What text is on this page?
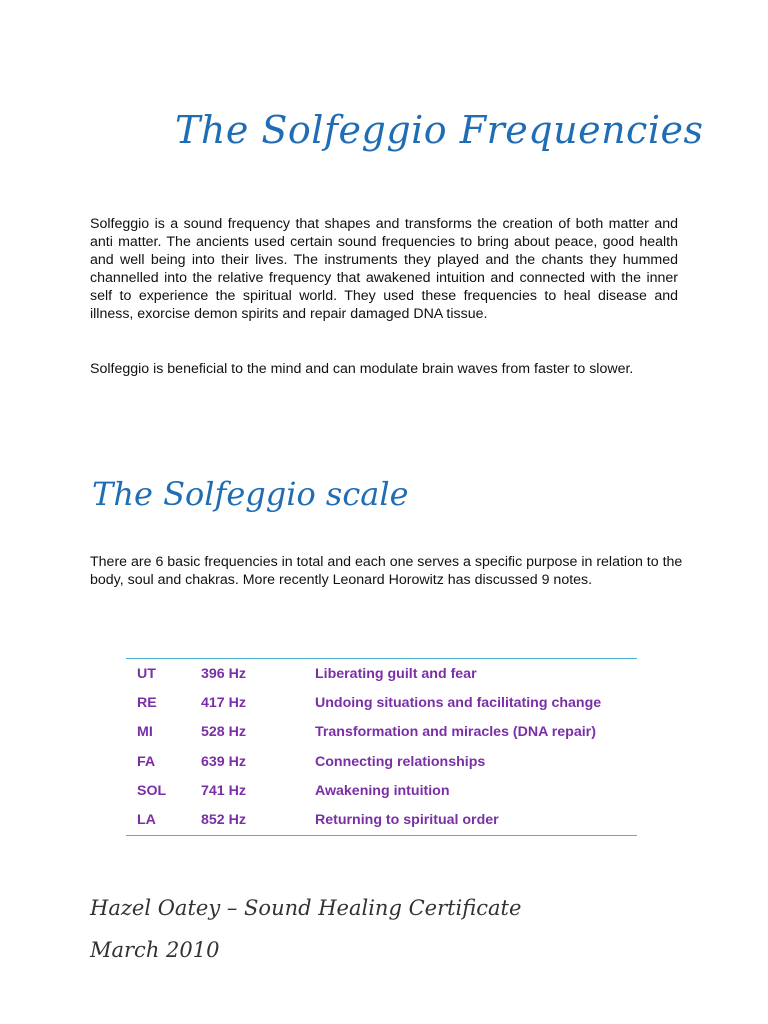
The Solfeggio Frequencies

Solfeggio is a sound frequency that shapes and transforms the creation of both matter and anti matter. The ancients used certain sound frequencies to bring about peace, good health and well being into their lives. The instruments they played and the chants they hummed channelled into the relative frequency that awakened intuition and connected with the inner self to experience the spiritual world. They used these frequencies to heal disease and illness, exorcise demon spirits and repair damaged DNA tissue.

Solfeggio is beneficial to the mind and can modulate brain waves from faster to slower.

The Solfeggio scale

There are 6 basic frequencies in total and each one serves a specific purpose in relation to the body, soul and chakras. More recently Leonard Horowitz has discussed 9 notes.

UT	396 Hz	Liberating guilt and fear
RE	417 Hz	Undoing situations and facilitating change
MI	528 Hz	Transformation and miracles (DNA repair)
FA	639 Hz	Connecting relationships
SOL	741 Hz	Awakening intuition
LA	852 Hz	Returning to spiritual order
Hazel Oatey – Sound Healing Certificate
March 2010
